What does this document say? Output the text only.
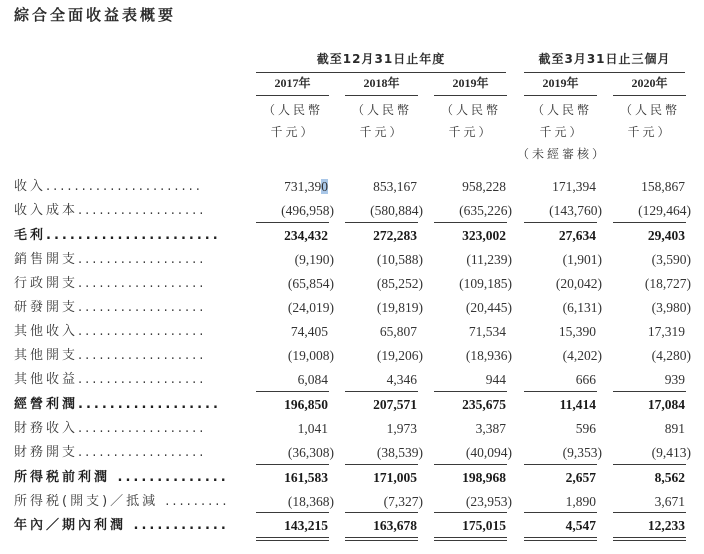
綜合全面收益表概要
截至12月31日止年度	截至3月31日止三個月
2017年	2018年	2019年	2019年	2020年
（人民幣
千元）
（人民幣
千元）
（人民幣
千元）
（人民幣
千元）
（未經審核）
（人民幣
千元）
收入......................	731,390	853,167	958,228	171,394	158,867
收入成本..................	(496,958)	(580,884)	(635,226)	(143,760)	(129,464)
毛利......................	234,432	272,283	323,002	27,634	29,403
銷售開支..................	(9,190)	(10,588)	(11,239)	(1,901)	(3,590)
行政開支..................	(65,854)	(85,252)	(109,185)	(20,042)	(18,727)
研發開支..................	(24,019)	(19,819)	(20,445)	(6,131)	(3,980)
其他收入..................	74,405	65,807	71,534	15,390	17,319
其他開支..................	(19,008)	(19,206)	(18,936)	(4,202)	(4,280)
其他收益..................	6,084	4,346	944	666	939
經營利潤..................	196,850	207,571	235,675	11,414	17,084
財務收入..................	1,041	1,973	3,387	596	891
財務開支..................	(36,308)	(38,539)	(40,094)	(9,353)	(9,413)
所得税前利潤 ..............	161,583	171,005	198,968	2,657	8,562
所得税(開支)／抵減 .........	(18,368)	(7,327)	(23,953)	1,890	3,671
年內／期內利潤 ............	143,215	163,678	175,015	4,547	12,233
